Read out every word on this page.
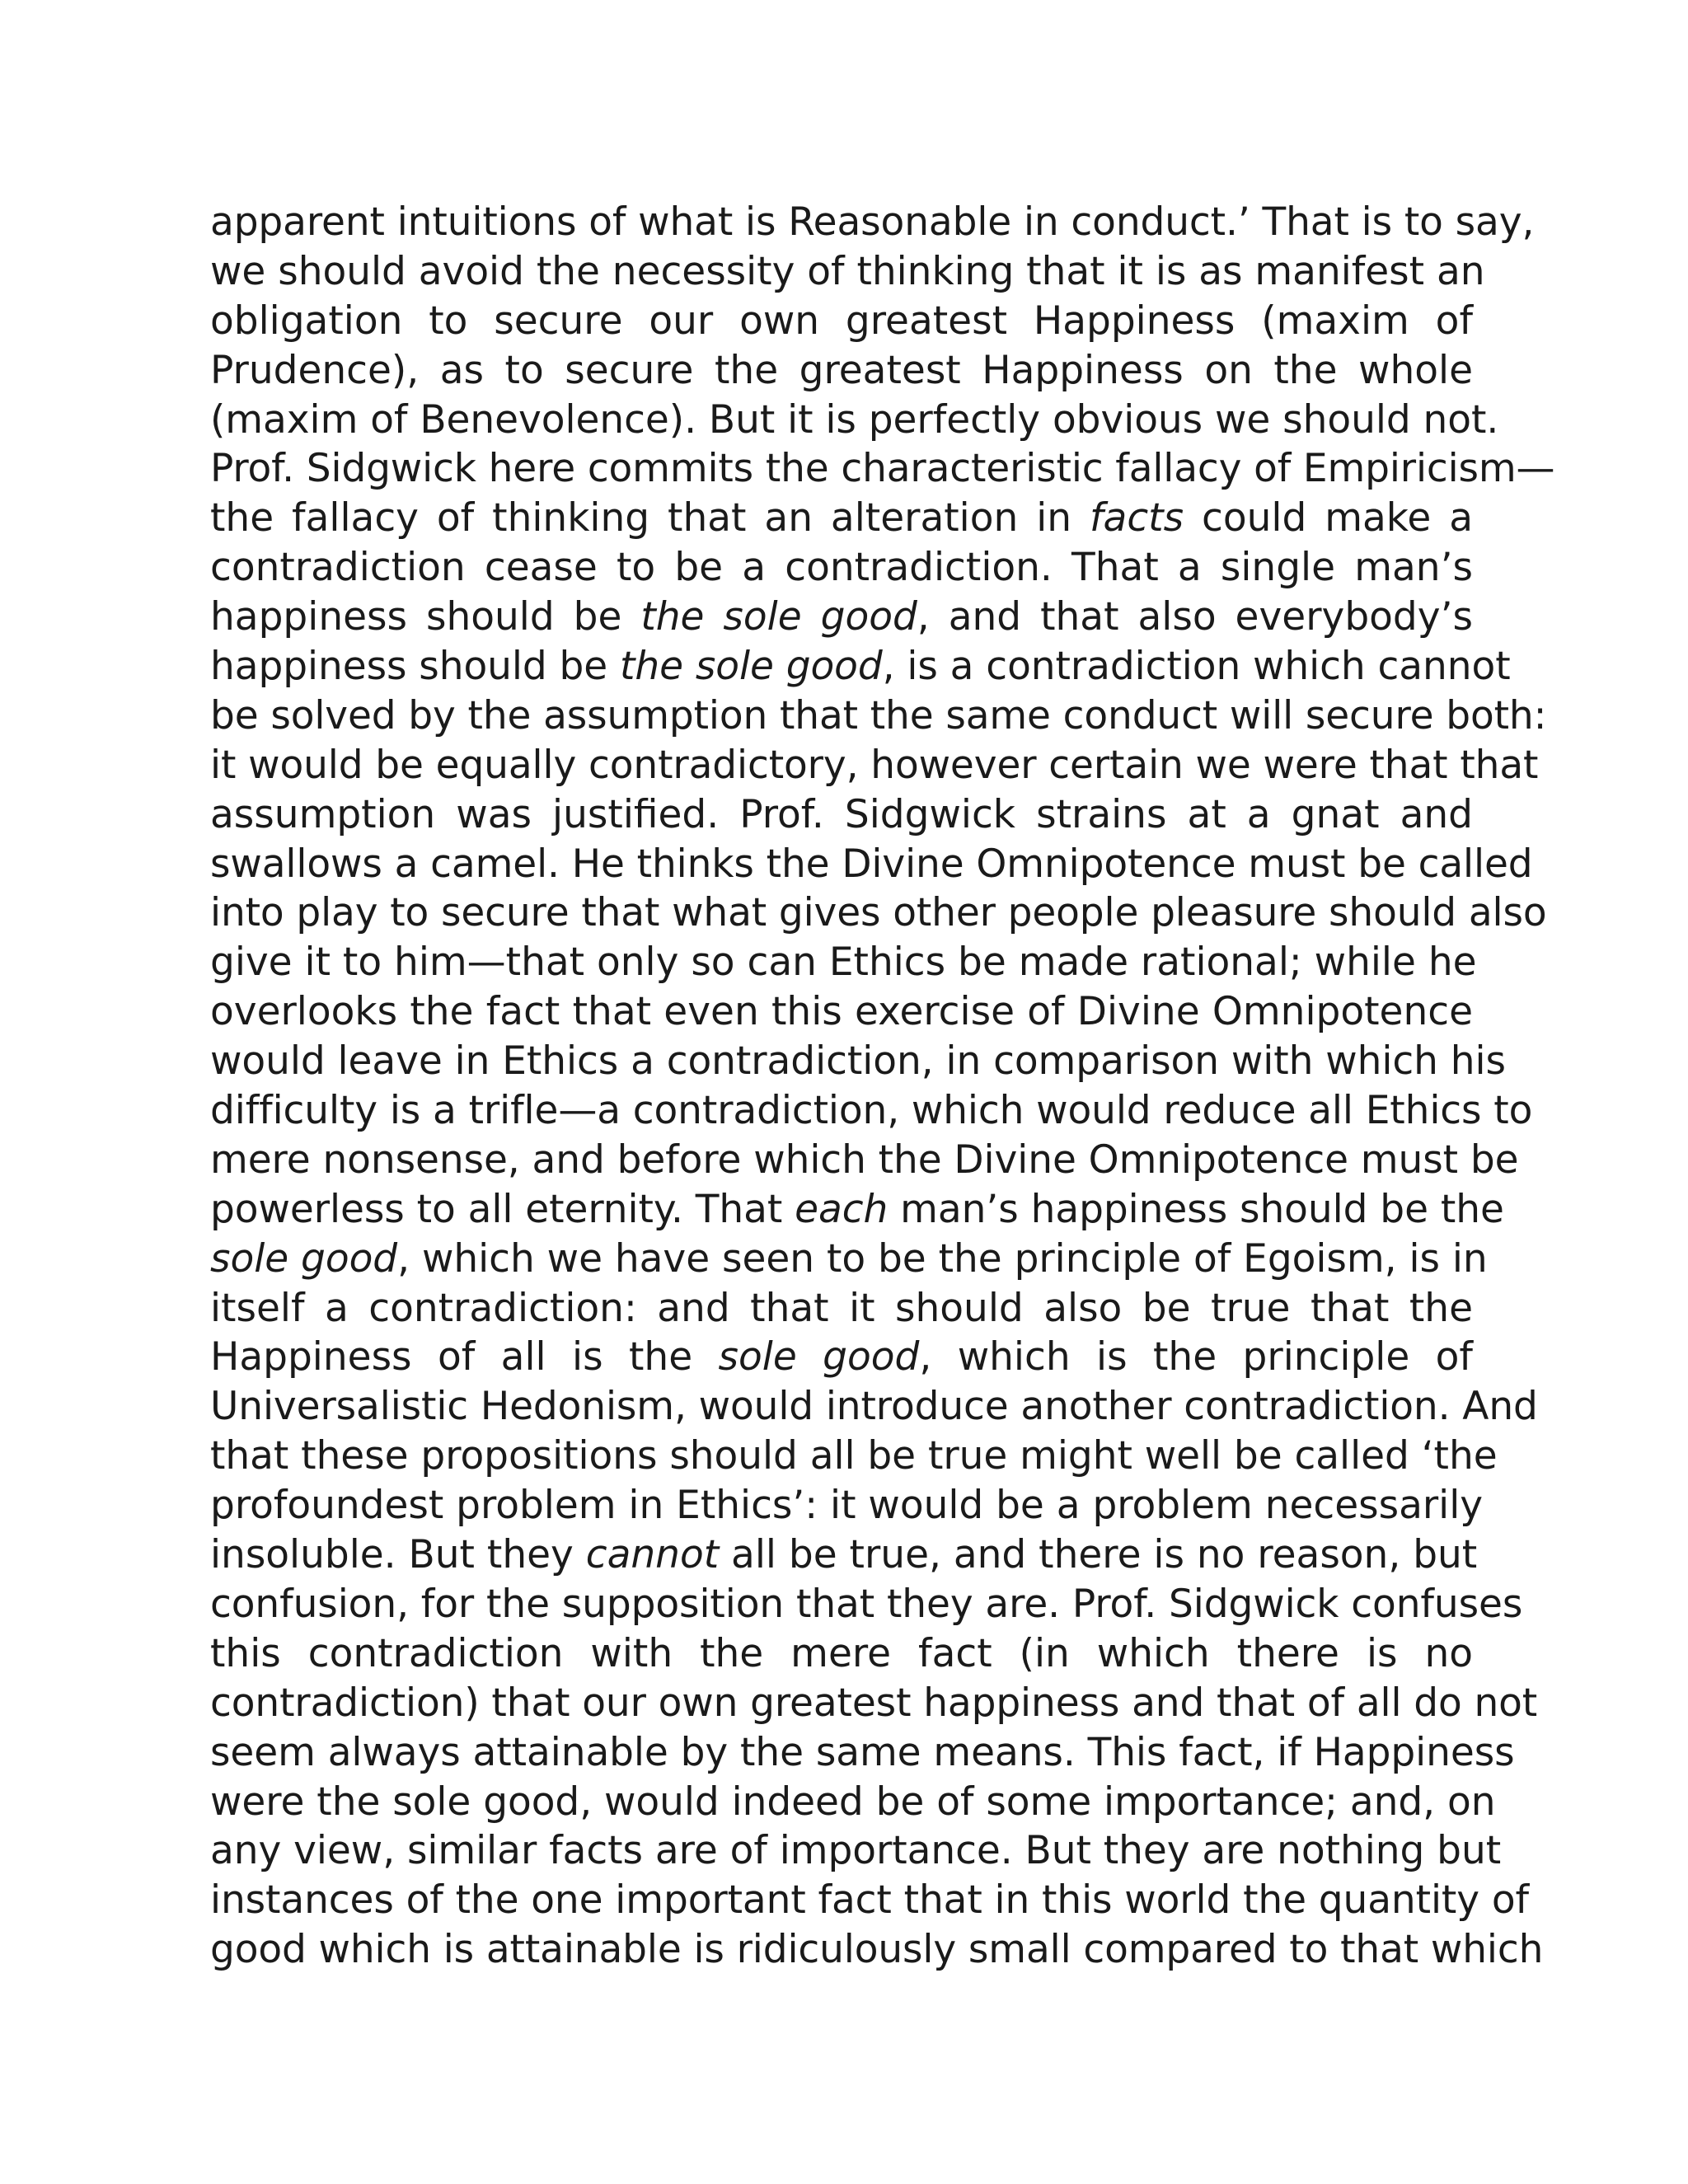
apparent intuitions of what is Reasonable in conduct.’ That is to say,
we should avoid the necessity of thinking that it is as manifest an
obligation to secure our own greatest Happiness (maxim of
Prudence), as to secure the greatest Happiness on the whole
(maxim of Benevolence). But it is perfectly obvious we should not.
Prof. Sidgwick here commits the characteristic fallacy of Empiricism—
the fallacy of thinking that an alteration in facts could make a
contradiction cease to be a contradiction. That a single man’s
happiness should be the sole good, and that also everybody’s
happiness should be the sole good, is a contradiction which cannot
be solved by the assumption that the same conduct will secure both:
it would be equally contradictory, however certain we were that that
assumption was justified. Prof. Sidgwick strains at a gnat and
swallows a camel. He thinks the Divine Omnipotence must be called
into play to secure that what gives other people pleasure should also
give it to him—that only so can Ethics be made rational; while he
overlooks the fact that even this exercise of Divine Omnipotence
would leave in Ethics a contradiction, in comparison with which his
difficulty is a trifle—a contradiction, which would reduce all Ethics to
mere nonsense, and before which the Divine Omnipotence must be
powerless to all eternity. That each man’s happiness should be the
sole good, which we have seen to be the principle of Egoism, is in
itself a contradiction: and that it should also be true that the
Happiness of all is the sole good, which is the principle of
Universalistic Hedonism, would introduce another contradiction. And
that these propositions should all be true might well be called ‘the
profoundest problem in Ethics’: it would be a problem necessarily
insoluble. But they cannot all be true, and there is no reason, but
confusion, for the supposition that they are. Prof. Sidgwick confuses
this contradiction with the mere fact (in which there is no
contradiction) that our own greatest happiness and that of all do not
seem always attainable by the same means. This fact, if Happiness
were the sole good, would indeed be of some importance; and, on
any view, similar facts are of importance. But they are nothing but
instances of the one important fact that in this world the quantity of
good which is attainable is ridiculously small compared to that which
